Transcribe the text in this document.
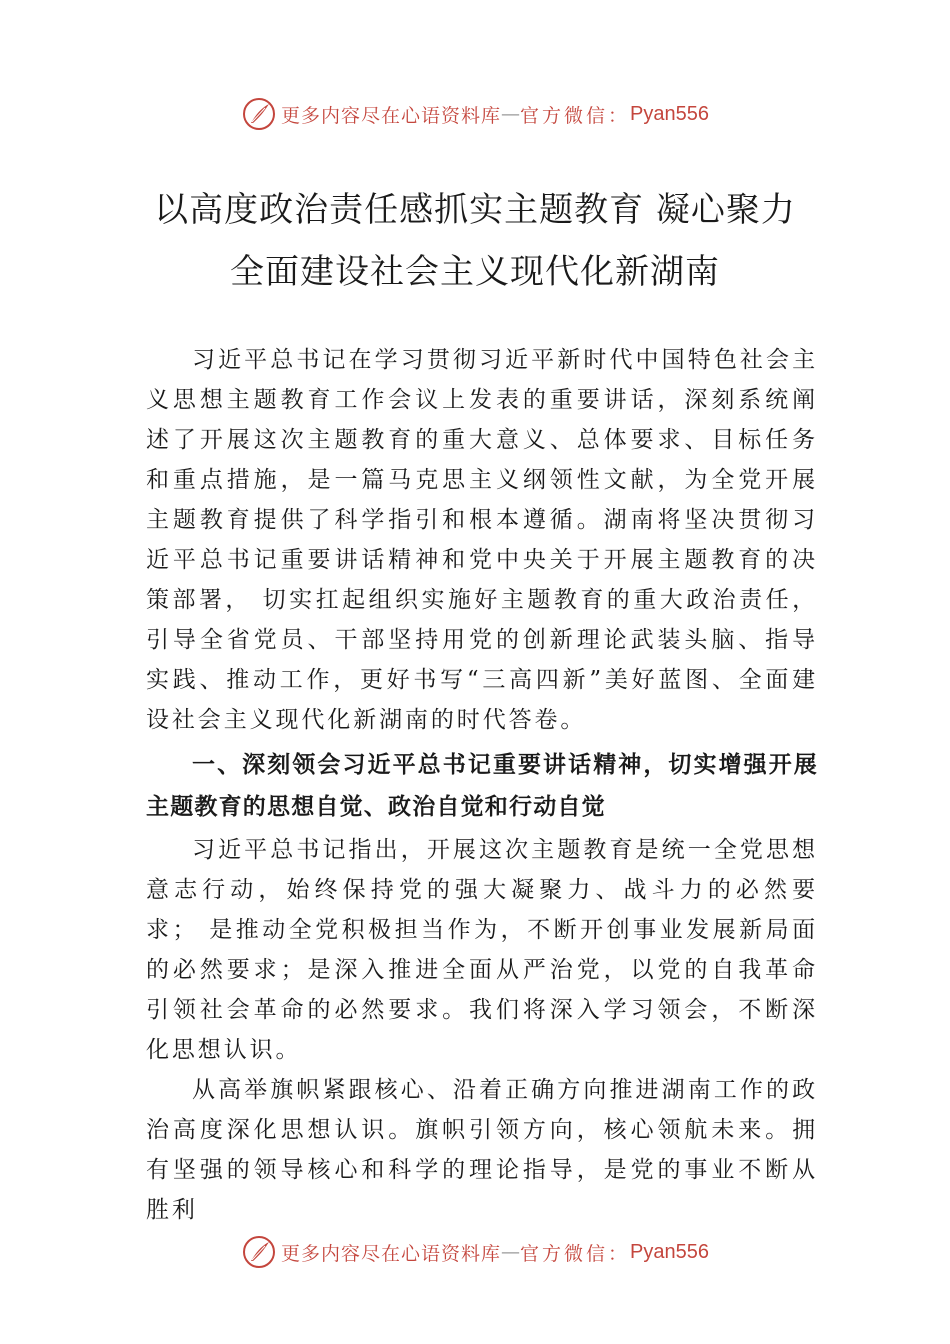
更多内容尽在心语资料库 — 官方微信： Pyan556
以高度政治责任感抓实主题教育 凝心聚力
全面建设社会主义现代化新湖南

习近平总书记在学习贯彻习近平新时代中国特色社会主义思想主题教育工作会议上发表的重要讲话，深刻系统阐述了开展这次主题教育的重大意义、总体要求、目标任务和重点措施，是一篇马克思主义纲领性文献，为全党开展主题教育提供了科学指引和根本遵循。湖南将坚决贯彻习近平总书记重要讲话精神和党中央关于开展主题教育的决策部署， 切实扛起组织实施好主题教育的重大政治责任，引导全省党员、干部坚持用党的创新理论武装头脑、指导实践、推动工作，更好书写“三高四新”美好蓝图、全面建设社会主义现代化新湖南的时代答卷。

一、深刻领会习近平总书记重要讲话精神，切实增强开展主题教育的思想自觉、政治自觉和行动自觉

习近平总书记指出，开展这次主题教育是统一全党思想意志行动，始终保持党的强大凝聚力、战斗力的必然要求； 是推动全党积极担当作为，不断开创事业发展新局面的必然要求；是深入推进全面从严治党，以党的自我革命引领社会革命的必然要求。我们将深入学习领会，不断深化思想认识。

从高举旗帜紧跟核心、沿着正确方向推进湖南工作的政治高度深化思想认识。旗帜引领方向，核心领航未来。拥有坚强的领导核心和科学的理论指导，是党的事业不断从胜利

更多内容尽在心语资料库 — 官方微信： Pyan556
